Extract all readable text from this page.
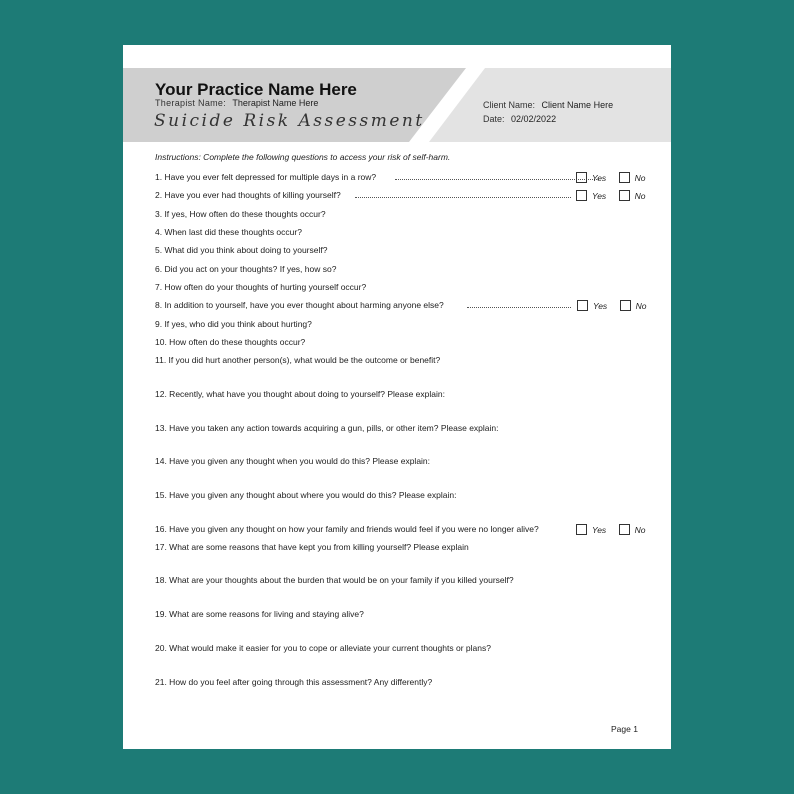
Your Practice Name Here
Therapist Name: Therapist Name Here
Suicide Risk Assessment
Client Name: Client Name Here
Date: 02/02/2022
Instructions: Complete the following questions to access your risk of self-harm.
1. Have you ever felt depressed for multiple days in a row?	Yes	No
2. Have you ever had thoughts of killing yourself?	Yes	No
3. If yes, How often do these thoughts occur?
4. When last did these thoughts occur?
5. What did you think about doing to yourself?
6. Did you act on your thoughts? If yes, how so?
7. How often do your thoughts of hurting yourself occur?
8. In addition to yourself, have you ever thought about harming anyone else?	Yes	No
9. If yes, who did you think about hurting?
10. How often do these thoughts occur?
11. If you did hurt another person(s), what would be the outcome or benefit?
12. Recently, what have you thought about doing to yourself? Please explain:
13. Have you taken any action towards acquiring a gun, pills, or other item? Please explain:
14. Have you given any thought when you would do this? Please explain:
15. Have you given any thought about where you would do this? Please explain:
16. Have you given any thought on how your family and friends would feel if you were no longer alive?	Yes	No
17. What are some reasons that have kept you from killing yourself? Please explain
18. What are your thoughts about the burden that would be on your family if you killed yourself?
19. What are some reasons for living and staying alive?
20. What would make it easier for you to cope or alleviate your current thoughts or plans?
21. How do you feel after going through this assessment? Any differently?
Page 1
